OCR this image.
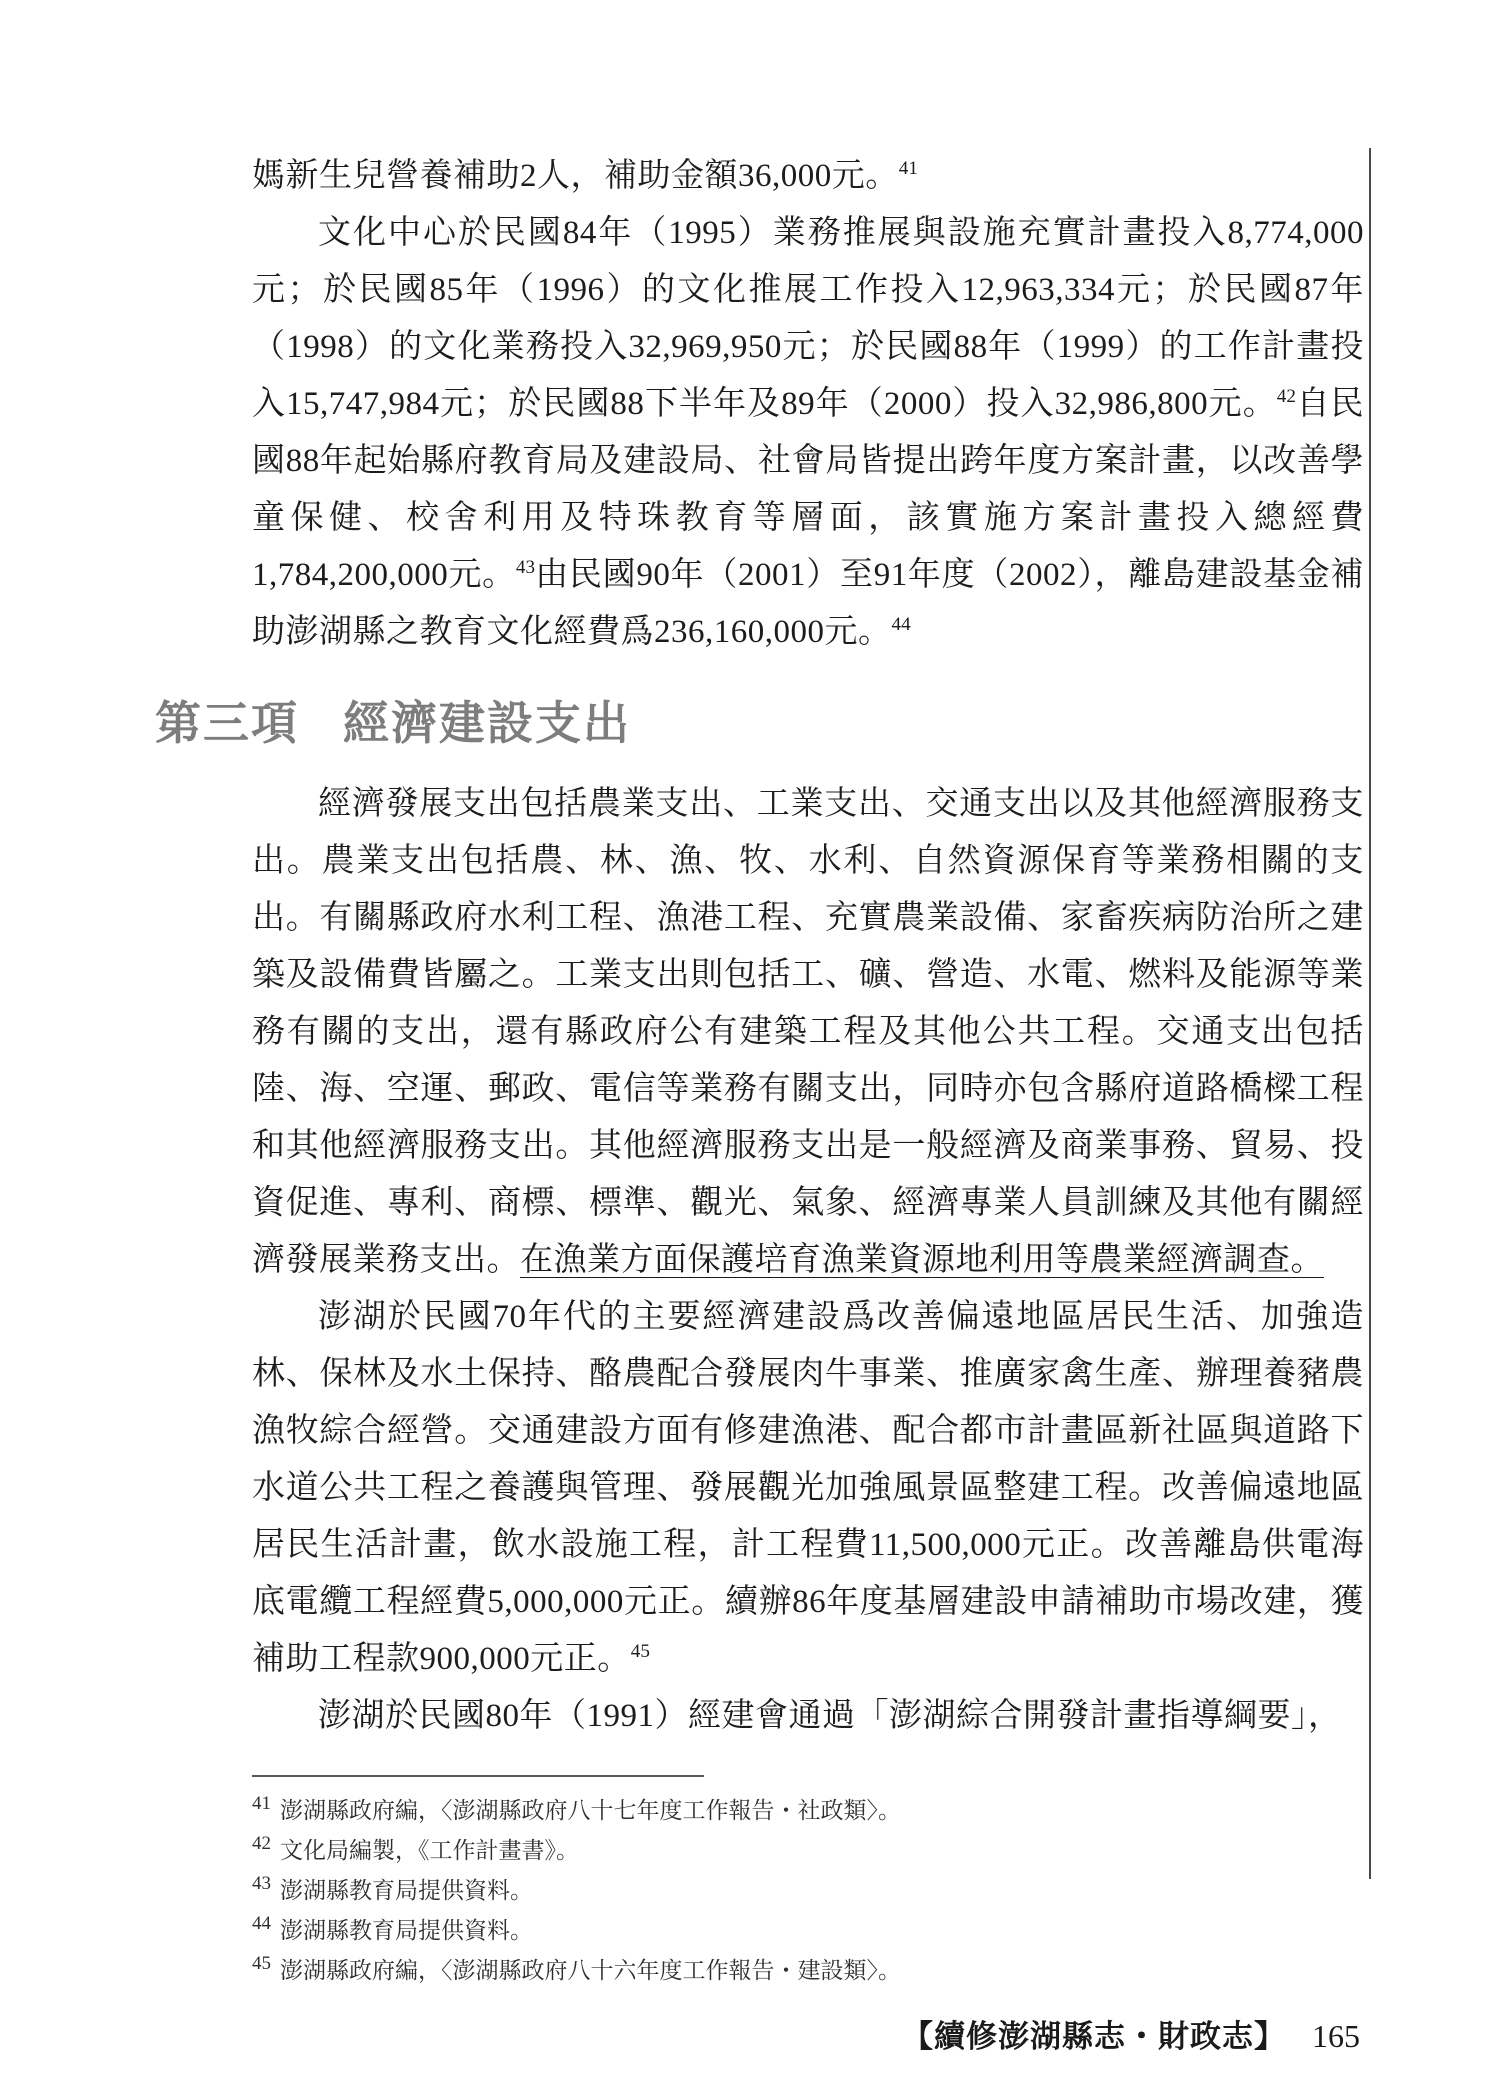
媽新生兒營養補助2人，補助金額36,000元。$^{41}$

文化中心於民國84年（1995）業務推展與設施充實計畫投入8,774,000元；於民國85年（1996）的文化推展工作投入12,963,334元；於民國87年（1998）的文化業務投入32,969,950元；於民國88年（1999）的工作計畫投入15,747,984元；於民國88下半年及89年（2000）投入32,986,800元。$^{42}$自民國88年起始縣府教育局及建設局、社會局皆提出跨年度方案計畫，以改善學童保健、校舍利用及特珠教育等層面，該實施方案計畫投入總經費1,784,200,000元。$^{43}$由民國90年（2001）至91年度（2002），離島建設基金補助澎湖縣之教育文化經費爲236,160,000元。$^{44}$

第三項 經濟建設支出

經濟發展支出包括農業支出、工業支出、交通支出以及其他經濟服務支出。農業支出包括農、林、漁、牧、水利、自然資源保育等業務相關的支出。有關縣政府水利工程、漁港工程、充實農業設備、家畜疾病防治所之建築及設備費皆屬之。工業支出則包括工、礦、營造、水電、燃料及能源等業務有關的支出，還有縣政府公有建築工程及其他公共工程。交通支出包括陸、海、空運、郵政、電信等業務有關支出，同時亦包含縣府道路橋樑工程和其他經濟服務支出。其他經濟服務支出是一般經濟及商業事務、貿易、投資促進、專利、商標、標準、觀光、氣象、經濟專業人員訓練及其他有關經濟發展業務支出。在漁業方面保護培育漁業資源地利用等農業經濟調查。

澎湖於民國70年代的主要經濟建設爲改善偏遠地區居民生活、加強造林、保林及水土保持、酪農配合發展肉牛事業、推廣家禽生產、辦理養豬農漁牧綜合經營。交通建設方面有修建漁港、配合都市計畫區新社區與道路下水道公共工程之養護與管理、發展觀光加強風景區整建工程。改善偏遠地區居民生活計畫，飲水設施工程，計工程費11,500,000元正。改善離島供電海底電纜工程經費5,000,000元正。續辦86年度基層建設申請補助市場改建，獲補助工程款900,000元正。$^{45}$

澎湖於民國80年（1991）經建會通過「澎湖綜合開發計畫指導綱要」，

$^{41}$ 澎湖縣政府編，〈澎湖縣政府八十七年度工作報告・社政類〉。
$^{42}$ 文化局編製，《工作計畫書》。
$^{43}$ 澎湖縣教育局提供資料。
$^{44}$ 澎湖縣教育局提供資料。
$^{45}$ 澎湖縣政府編，〈澎湖縣政府八十六年度工作報告・建設類〉。
【續修澎湖縣志・財政志】 165
